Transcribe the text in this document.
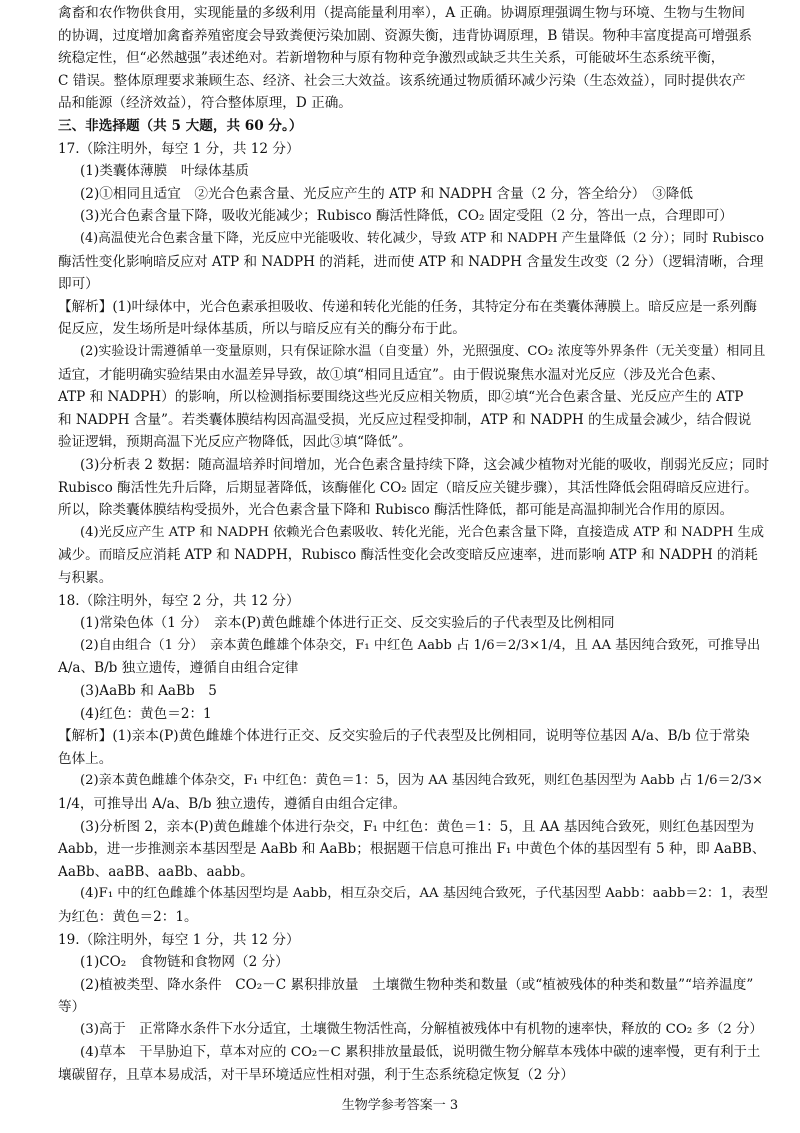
禽畜和农作物供食用，实现能量的多级利用（提高能量利用率），A 正确。协调原理强调生物与环境、生物与生物间
的协调，过度增加禽畜养殖密度会导致粪便污染加剧、资源失衡，违背协调原理，B 错误。物种丰富度提高可增强系
统稳定性，但“必然越强”表述绝对。若新增物种与原有物种竞争激烈或缺乏共生关系，可能破坏生态系统平衡，
C 错误。整体原理要求兼顾生态、经济、社会三大效益。该系统通过物质循环减少污染（生态效益），同时提供农产
品和能源（经济效益），符合整体原理，D 正确。
三、非选择题（共 5 大题，共 60 分。）
17.（除注明外，每空 1 分，共 12 分）
(1)类囊体薄膜　叶绿体基质
(2)①相同且适宜　②光合色素含量、光反应产生的 ATP 和 NADPH 含量（2 分，答全给分）　③降低
(3)光合色素含量下降，吸收光能减少；Rubisco 酶活性降低，CO₂ 固定受阻（2 分，答出一点，合理即可）
(4)高温使光合色素含量下降，光反应中光能吸收、转化减少，导致 ATP 和 NADPH 产生量降低（2 分）；同时 Rubisco
酶活性变化影响暗反应对 ATP 和 NADPH 的消耗，进而使 ATP 和 NADPH 含量发生改变（2 分）（逻辑清晰，合理
即可）
【解析】(1)叶绿体中，光合色素承担吸收、传递和转化光能的任务，其特定分布在类囊体薄膜上。暗反应是一系列酶
促反应，发生场所是叶绿体基质，所以与暗反应有关的酶分布于此。
(2)实验设计需遵循单一变量原则，只有保证除水温（自变量）外，光照强度、CO₂ 浓度等外界条件（无关变量）相同且
适宜，才能明确实验结果由水温差异导致，故①填“相同且适宜”。由于假说聚焦水温对光反应（涉及光合色素、
ATP 和 NADPH）的影响，所以检测指标要围绕这些光反应相关物质，即②填“光合色素含量、光反应产生的 ATP
和 NADPH 含量”。若类囊体膜结构因高温受损，光反应过程受抑制，ATP 和 NADPH 的生成量会减少，结合假说
验证逻辑，预期高温下光反应产物降低，因此③填“降低”。
(3)分析表 2 数据：随高温培养时间增加，光合色素含量持续下降，这会减少植物对光能的吸收，削弱光反应；同时
Rubisco 酶活性先升后降，后期显著降低，该酶催化 CO₂ 固定（暗反应关键步骤），其活性降低会阻碍暗反应进行。
所以，除类囊体膜结构受损外，光合色素含量下降和 Rubisco 酶活性降低，都可能是高温抑制光合作用的原因。
(4)光反应产生 ATP 和 NADPH 依赖光合色素吸收、转化光能，光合色素含量下降，直接造成 ATP 和 NADPH 生成
减少。而暗反应消耗 ATP 和 NADPH，Rubisco 酶活性变化会改变暗反应速率，进而影响 ATP 和 NADPH 的消耗
与积累。
18.（除注明外，每空 2 分，共 12 分）
(1)常染色体（1 分）　亲本(P)黄色雌雄个体进行正交、反交实验后的子代表型及比例相同
(2)自由组合（1 分）　亲本黄色雌雄个体杂交，F₁ 中红色 Aabb 占 1/6＝2/3×1/4，且 AA 基因纯合致死，可推导出
A/a、B/b 独立遗传，遵循自由组合定律
(3)AaBb 和 AaBb　5
(4)红色：黄色＝2：1
【解析】(1)亲本(P)黄色雌雄个体进行正交、反交实验后的子代表型及比例相同，说明等位基因 A/a、B/b 位于常染
色体上。
(2)亲本黄色雌雄个体杂交，F₁ 中红色：黄色＝1：5，因为 AA 基因纯合致死，则红色基因型为 Aabb 占 1/6＝2/3×
1/4，可推导出 A/a、B/b 独立遗传，遵循自由组合定律。
(3)分析图 2，亲本(P)黄色雌雄个体进行杂交，F₁ 中红色：黄色＝1：5，且 AA 基因纯合致死，则红色基因型为
Aabb，进一步推测亲本基因型是 AaBb 和 AaBb；根据题干信息可推出 F₁ 中黄色个体的基因型有 5 种，即 AaBB、
AaBb、aaBB、aaBb、aabb。
(4)F₁ 中的红色雌雄个体基因型均是 Aabb，相互杂交后，AA 基因纯合致死，子代基因型 Aabb：aabb＝2：1，表型
为红色：黄色＝2：1。
19.（除注明外，每空 1 分，共 12 分）
(1)CO₂　食物链和食物网（2 分）
(2)植被类型、降水条件　CO₂－C 累积排放量　土壤微生物种类和数量（或“植被残体的种类和数量”“培养温度”
等）
(3)高于　正常降水条件下水分适宜，土壤微生物活性高，分解植被残体中有机物的速率快，释放的 CO₂ 多（2 分）
(4)草本　干旱胁迫下，草本对应的 CO₂－C 累积排放量最低，说明微生物分解草本残体中碳的速率慢，更有利于土
壤碳留存，且草本易成活，对干旱环境适应性相对强，利于生态系统稳定恢复（2 分）
生物学参考答案一 3
